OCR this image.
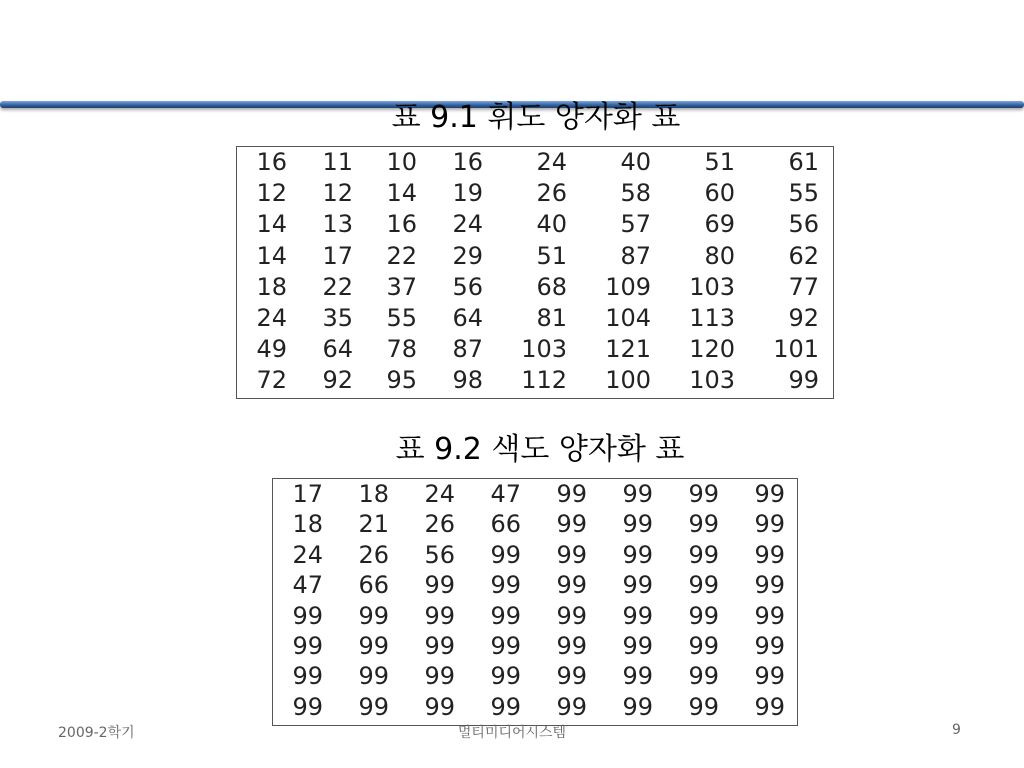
표 9.1 휘도 양자화 표
16	11	10	16	24	40	51	61
12	12	14	19	26	58	60	55
14	13	16	24	40	57	69	56
14	17	22	29	51	87	80	62
18	22	37	56	68	109	103	77
24	35	55	64	81	104	113	92
49	64	78	87	103	121	120	101
72	92	95	98	112	100	103	99
표 9.2 색도 양자화 표
17	18	24	47	99	99	99	99
18	21	26	66	99	99	99	99
24	26	56	99	99	99	99	99
47	66	99	99	99	99	99	99
99	99	99	99	99	99	99	99
99	99	99	99	99	99	99	99
99	99	99	99	99	99	99	99
99	99	99	99	99	99	99	99
2009-2학기	멀티미디어시스템	9
